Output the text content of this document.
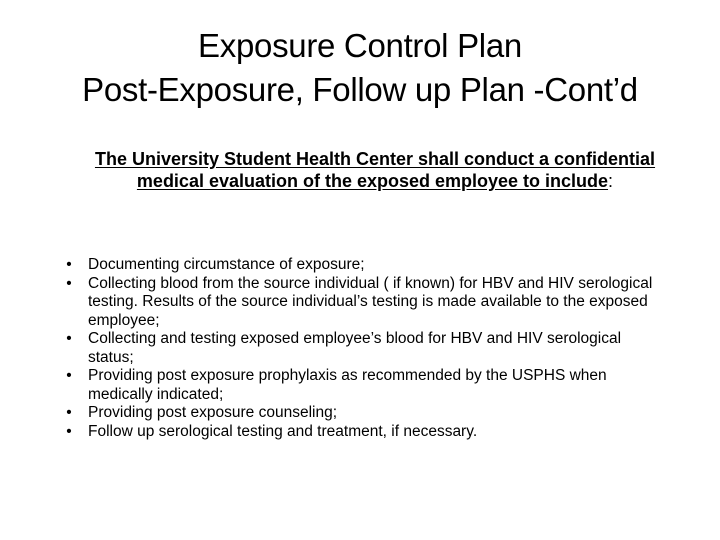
Exposure Control Plan
Post-Exposure, Follow up Plan -Cont’d
The University Student Health Center shall conduct a confidential medical evaluation of the exposed employee to include:
• Documenting circumstance of exposure;
• Collecting blood from the source individual ( if known) for HBV and HIV serological testing. Results of the source individual’s testing is made available to the exposed employee;
• Collecting and testing exposed employee’s blood for HBV and HIV serological status;
• Providing post exposure prophylaxis as recommended by the USPHS when medically indicated;
• Providing post exposure counseling;
• Follow up serological testing and treatment, if necessary.
